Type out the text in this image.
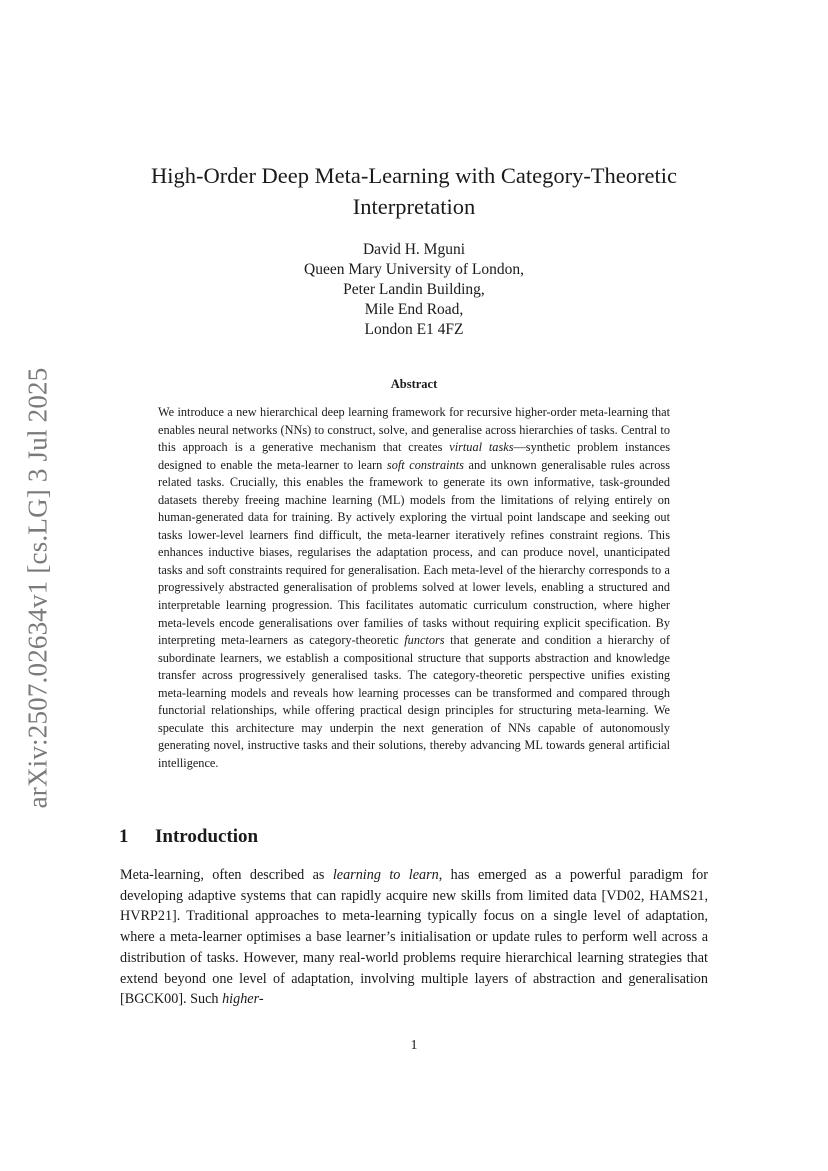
arXiv:2507.02634v1 [cs.LG] 3 Jul 2025
High-Order Deep Meta-Learning with Category-Theoretic
Interpretation
David H. Mguni
Queen Mary University of London,
Peter Landin Building,
Mile End Road,
London E1 4FZ
Abstract

We introduce a new hierarchical deep learning framework for recursive higher-order meta-learning that enables neural networks (NNs) to construct, solve, and generalise across hierarchies of tasks. Central to this approach is a generative mechanism that creates virtual tasks—synthetic problem instances designed to enable the meta-learner to learn soft constraints and unknown generalisable rules across related tasks. Crucially, this enables the framework to generate its own informative, task-grounded datasets thereby freeing machine learning (ML) models from the limitations of relying entirely on human-generated data for training. By actively exploring the virtual point landscape and seeking out tasks lower-level learners find difficult, the meta-learner iteratively refines constraint regions. This enhances inductive biases, regularises the adaptation process, and can produce novel, unanticipated tasks and soft constraints required for generalisation. Each meta-level of the hierarchy corresponds to a progressively abstracted generalisation of problems solved at lower levels, enabling a structured and interpretable learning progression. This facilitates automatic curriculum construction, where higher meta-levels encode generalisations over families of tasks without requiring explicit specification. By interpreting meta-learners as category-theoretic functors that generate and condition a hierarchy of subordinate learners, we establish a compositional structure that supports abstraction and knowledge transfer across progressively generalised tasks. The category-theoretic perspective unifies existing meta-learning models and reveals how learning processes can be transformed and compared through functorial relationships, while offering practical design principles for structuring meta-learning. We speculate this architecture may underpin the next generation of NNs capable of autonomously generating novel, instructive tasks and their solutions, thereby advancing ML towards general artificial intelligence.

1 Introduction

Meta-learning, often described as learning to learn, has emerged as a powerful paradigm for developing adaptive systems that can rapidly acquire new skills from limited data [VD02, HAMS21, HVRP21]. Traditional approaches to meta-learning typically focus on a single level of adaptation, where a meta-learner optimises a base learner’s initialisation or update rules to perform well across a distribution of tasks. However, many real-world problems require hierarchical learning strategies that extend beyond one level of adaptation, involving multiple layers of abstraction and generalisation [BGCK00]. Such higher-

1
